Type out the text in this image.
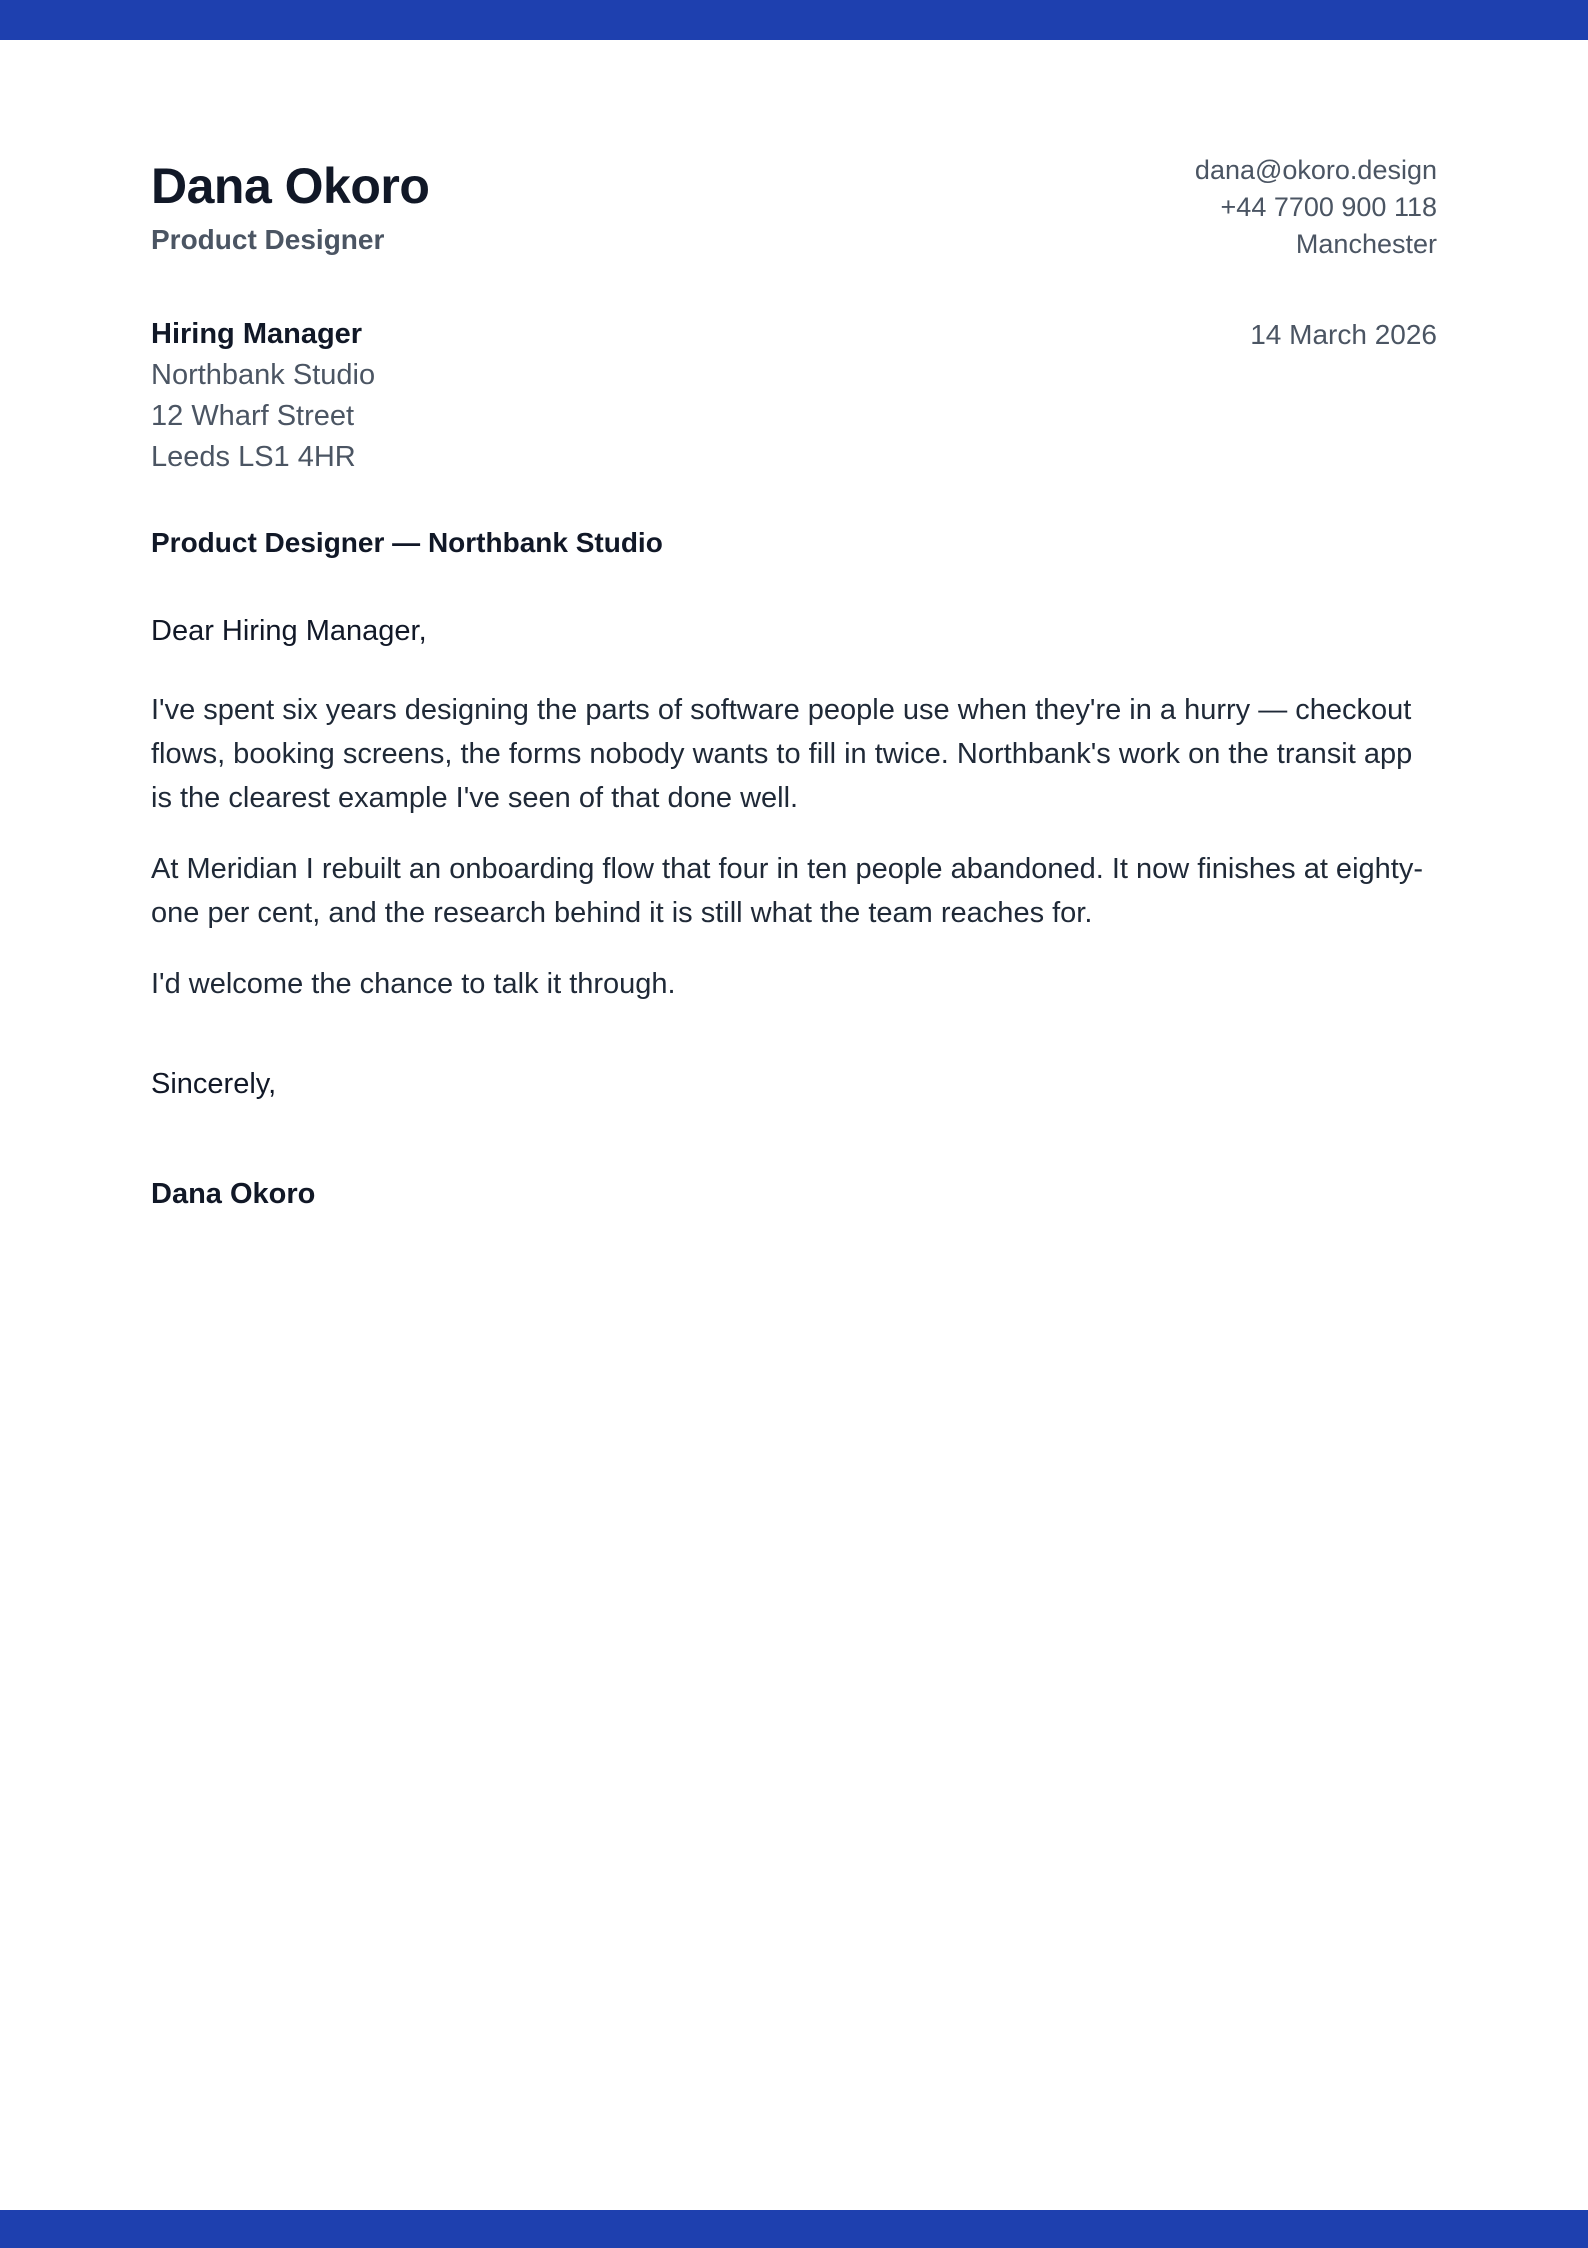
Dana Okoro
Product Designer
dana@okoro.design
+44 7700 900 118
Manchester
Hiring Manager
Northbank Studio
12 Wharf Street
Leeds LS1 4HR
14 March 2026
Product Designer — Northbank Studio
Dear Hiring Manager,

I've spent six years designing the parts of software people use when they're in a hurry — checkout flows, booking screens, the forms nobody wants to fill in twice. Northbank's work on the transit app is the clearest example I've seen of that done well.

At Meridian I rebuilt an onboarding flow that four in ten people abandoned. It now finishes at eighty-one per cent, and the research behind it is still what the team reaches for.

I'd welcome the chance to talk it through.

Sincerely,
Dana Okoro
